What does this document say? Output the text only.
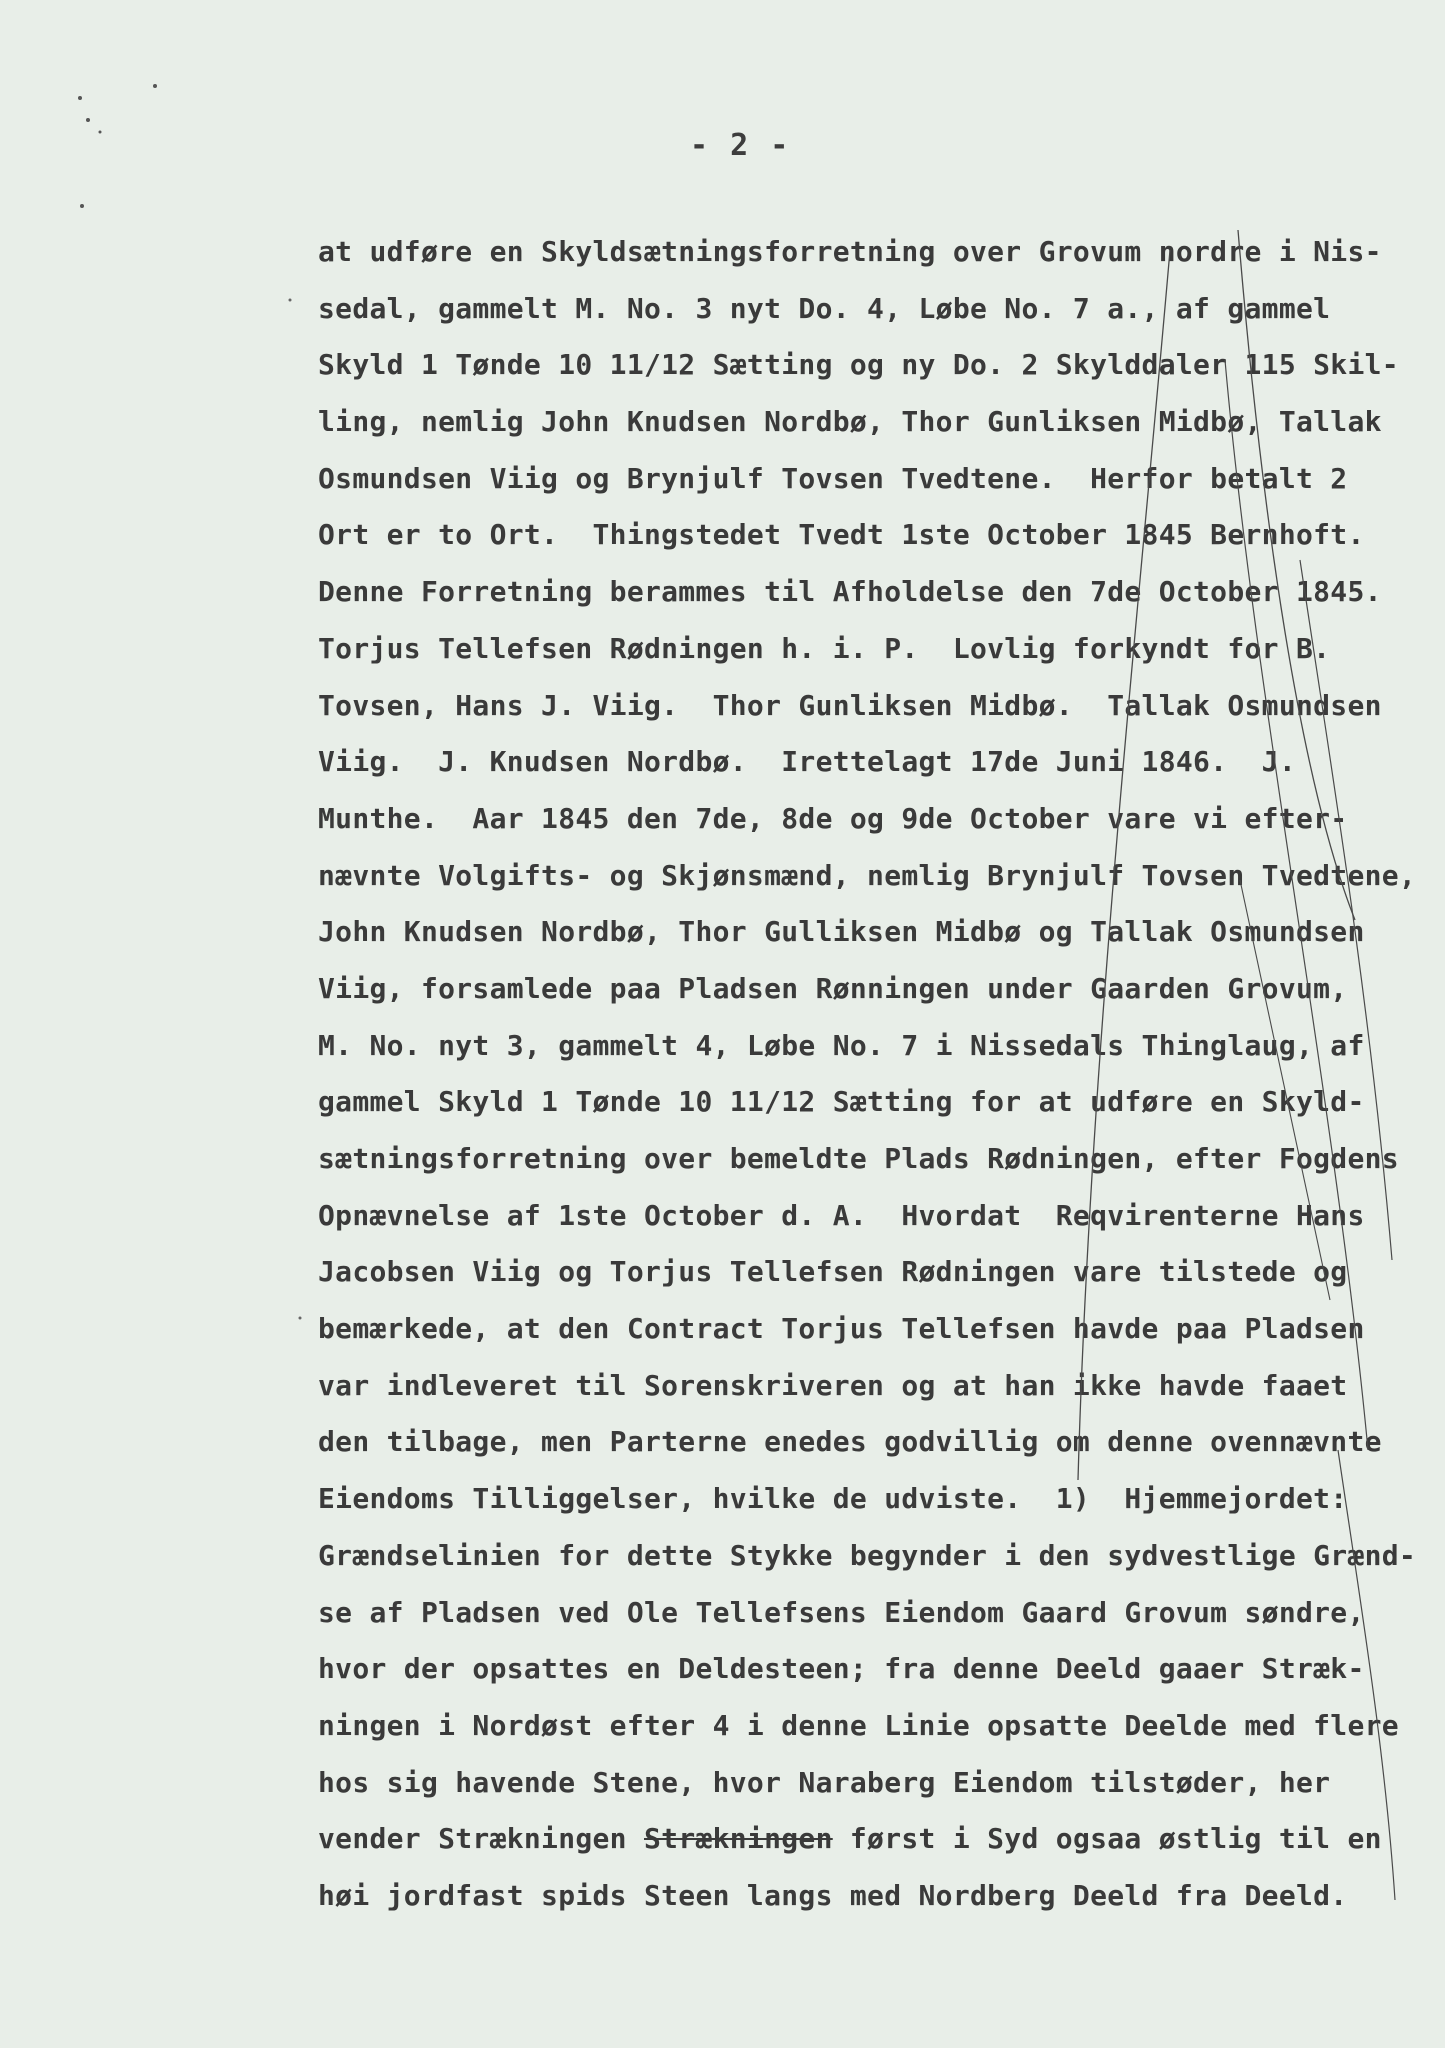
- 2 -
at udføre en Skyldsætningsforretning over Grovum nordre i Nis-
sedal, gammelt M. No. 3 nyt Do. 4, Løbe No. 7 a., af gammel
Skyld 1 Tønde 10 11/12 Sætting og ny Do. 2 Skylddaler 115 Skil-
ling, nemlig John Knudsen Nordbø, Thor Gunliksen Midbø, Tallak
Osmundsen Viig og Brynjulf Tovsen Tvedtene.  Herfor betalt 2
Ort er to Ort.  Thingstedet Tvedt 1ste October 1845 Bernhoft.
Denne Forretning berammes til Afholdelse den 7de October 1845.
Torjus Tellefsen Rødningen h. i. P.  Lovlig forkyndt for B.
Tovsen, Hans J. Viig.  Thor Gunliksen Midbø.  Tallak Osmundsen
Viig.  J. Knudsen Nordbø.  Irettelagt 17de Juni 1846.  J.
Munthe.  Aar 1845 den 7de, 8de og 9de October vare vi efter-
nævnte Volgifts- og Skjønsmænd, nemlig Brynjulf Tovsen Tvedtene,
John Knudsen Nordbø, Thor Gulliksen Midbø og Tallak Osmundsen
Viig, forsamlede paa Pladsen Rønningen under Gaarden Grovum,
M. No. nyt 3, gammelt 4, Løbe No. 7 i Nissedals Thinglaug, af
gammel Skyld 1 Tønde 10 11/12 Sætting for at udføre en Skyld-
sætningsforretning over bemeldte Plads Rødningen, efter Fogdens
Opnævnelse af 1ste October d. A.  Hvordat  Reqvirenterne Hans
Jacobsen Viig og Torjus Tellefsen Rødningen vare tilstede og
bemærkede, at den Contract Torjus Tellefsen havde paa Pladsen
var indleveret til Sorenskriveren og at han ikke havde faaet
den tilbage, men Parterne enedes godvillig om denne ovennævnte
Eiendoms Tilliggelser, hvilke de udviste.  1)  Hjemmejordet:
Grændselinien for dette Stykke begynder i den sydvestlige Grænd-
se af Pladsen ved Ole Tellefsens Eiendom Gaard Grovum søndre,
hvor der opsattes en Deldesteen; fra denne Deeld gaaer Stræk-
ningen i Nordøst efter 4 i denne Linie opsatte Deelde med flere
hos sig havende Stene, hvor Naraberg Eiendom tilstøder, her
vender Strækningen Strækningen først i Syd ogsaa østlig til en
høi jordfast spids Steen langs med Nordberg Deeld fra Deeld.
